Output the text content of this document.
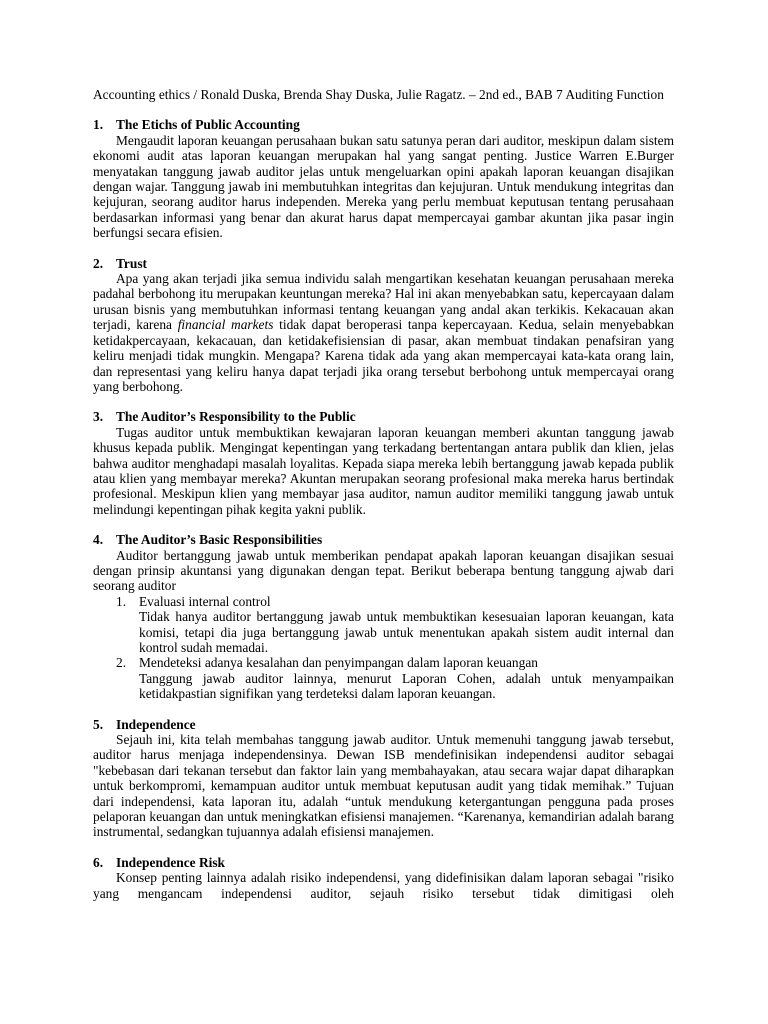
Accounting ethics / Ronald Duska, Brenda Shay Duska, Julie Ragatz. – 2nd ed., BAB 7 Auditing Function

1. The Etichs of Public Accounting

Mengaudit laporan keuangan perusahaan bukan satu satunya peran dari auditor, meskipun dalam sistem ekonomi audit atas laporan keuangan merupakan hal yang sangat penting. Justice Warren E.Burger menyatakan tanggung jawab auditor jelas untuk mengeluarkan opini apakah laporan keuangan disajikan dengan wajar. Tanggung jawab ini membutuhkan integritas dan kejujuran. Untuk mendukung integritas dan kejujuran, seorang auditor harus independen. Mereka yang perlu membuat keputusan tentang perusahaan berdasarkan informasi yang benar dan akurat harus dapat mempercayai gambar akuntan jika pasar ingin berfungsi secara efisien.

2. Trust

Apa yang akan terjadi jika semua individu salah mengartikan kesehatan keuangan perusahaan mereka padahal berbohong itu merupakan keuntungan mereka? Hal ini akan menyebabkan satu, kepercayaan dalam urusan bisnis yang membutuhkan informasi tentang keuangan yang andal akan terkikis. Kekacauan akan terjadi, karena financial markets tidak dapat beroperasi tanpa kepercayaan. Kedua, selain menyebabkan ketidakpercayaan, kekacauan, dan ketidakefisiensian di pasar, akan membuat tindakan penafsiran yang keliru menjadi tidak mungkin. Mengapa? Karena tidak ada yang akan mempercayai kata-kata orang lain, dan representasi yang keliru hanya dapat terjadi jika orang tersebut berbohong untuk mempercayai orang yang berbohong.

3. The Auditor’s Responsibility to the Public

Tugas auditor untuk membuktikan kewajaran laporan keuangan memberi akuntan tanggung jawab khusus kepada publik. Mengingat kepentingan yang terkadang bertentangan antara publik dan klien, jelas bahwa auditor menghadapi masalah loyalitas. Kepada siapa mereka lebih bertanggung jawab kepada publik atau klien yang membayar mereka? Akuntan merupakan seorang profesional maka mereka harus bertindak profesional. Meskipun klien yang membayar jasa auditor, namun auditor memiliki tanggung jawab untuk melindungi kepentingan pihak kegita yakni publik.

4. The Auditor’s Basic Responsibilities

Auditor bertanggung jawab untuk memberikan pendapat apakah laporan keuangan disajikan sesuai dengan prinsip akuntansi yang digunakan dengan tepat. Berikut beberapa bentung tanggung ajwab dari seorang auditor

1. Evaluasi internal control
Tidak hanya auditor bertanggung jawab untuk membuktikan kesesuaian laporan keuangan, kata komisi, tetapi dia juga bertanggung jawab untuk menentukan apakah sistem audit internal dan kontrol sudah memadai.
2. Mendeteksi adanya kesalahan dan penyimpangan dalam laporan keuangan
Tanggung jawab auditor lainnya, menurut Laporan Cohen, adalah untuk menyampaikan ketidakpastian signifikan yang terdeteksi dalam laporan keuangan.
5. Independence

Sejauh ini, kita telah membahas tanggung jawab auditor. Untuk memenuhi tanggung jawab tersebut, auditor harus menjaga independensinya. Dewan ISB mendefinisikan independensi auditor sebagai "kebebasan dari tekanan tersebut dan faktor lain yang membahayakan, atau secara wajar dapat diharapkan untuk berkompromi, kemampuan auditor untuk membuat keputusan audit yang tidak memihak.” Tujuan dari independensi, kata laporan itu, adalah “untuk mendukung ketergantungan pengguna pada proses pelaporan keuangan dan untuk meningkatkan efisiensi manajemen. “Karenanya, kemandirian adalah barang instrumental, sedangkan tujuannya adalah efisiensi manajemen.

6. Independence Risk

Konsep penting lainnya adalah risiko independensi, yang didefinisikan dalam laporan sebagai "risiko yang mengancam independensi auditor, sejauh risiko tersebut tidak dimitigasi oleh
